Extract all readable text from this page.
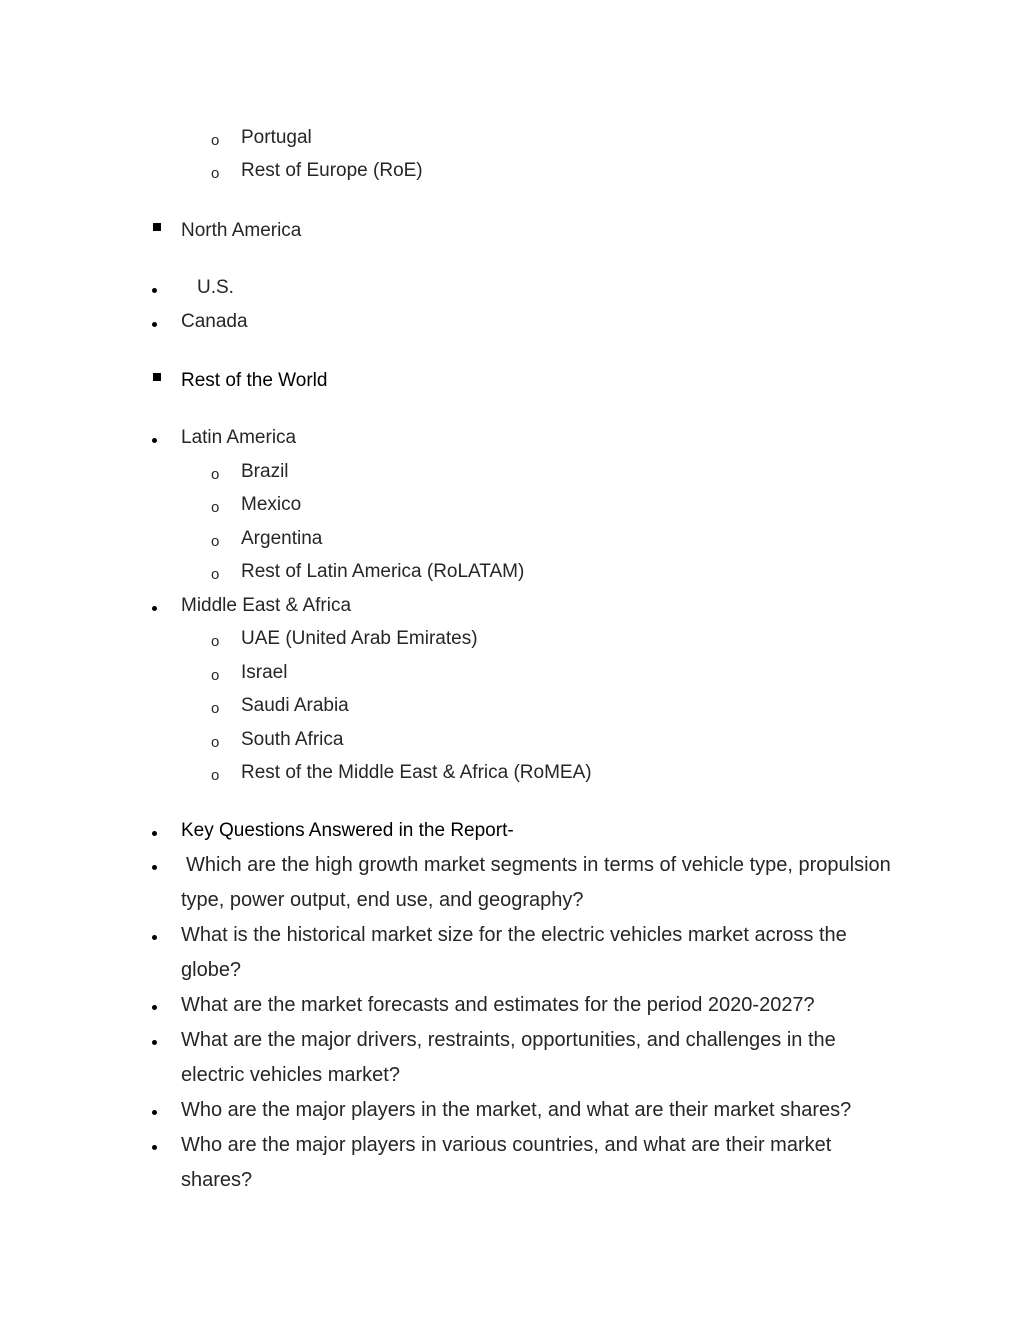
o Portugal
o Rest of Europe (RoE)
North America
U.S.
Canada
Rest of the World
Latin America
o Brazil
o Mexico
o Argentina
o Rest of Latin America (RoLATAM)
Middle East & Africa
o UAE (United Arab Emirates)
o Israel
o Saudi Arabia
o South Africa
o Rest of the Middle East & Africa (RoMEA)
Key Questions Answered in the Report-
Which are the high growth market segments in terms of vehicle type, propulsion
type, power output, end use, and geography?
What is the historical market size for the electric vehicles market across the
globe?
What are the market forecasts and estimates for the period 2020-2027?
What are the major drivers, restraints, opportunities, and challenges in the
electric vehicles market?
Who are the major players in the market, and what are their market shares?
Who are the major players in various countries, and what are their market
shares?
